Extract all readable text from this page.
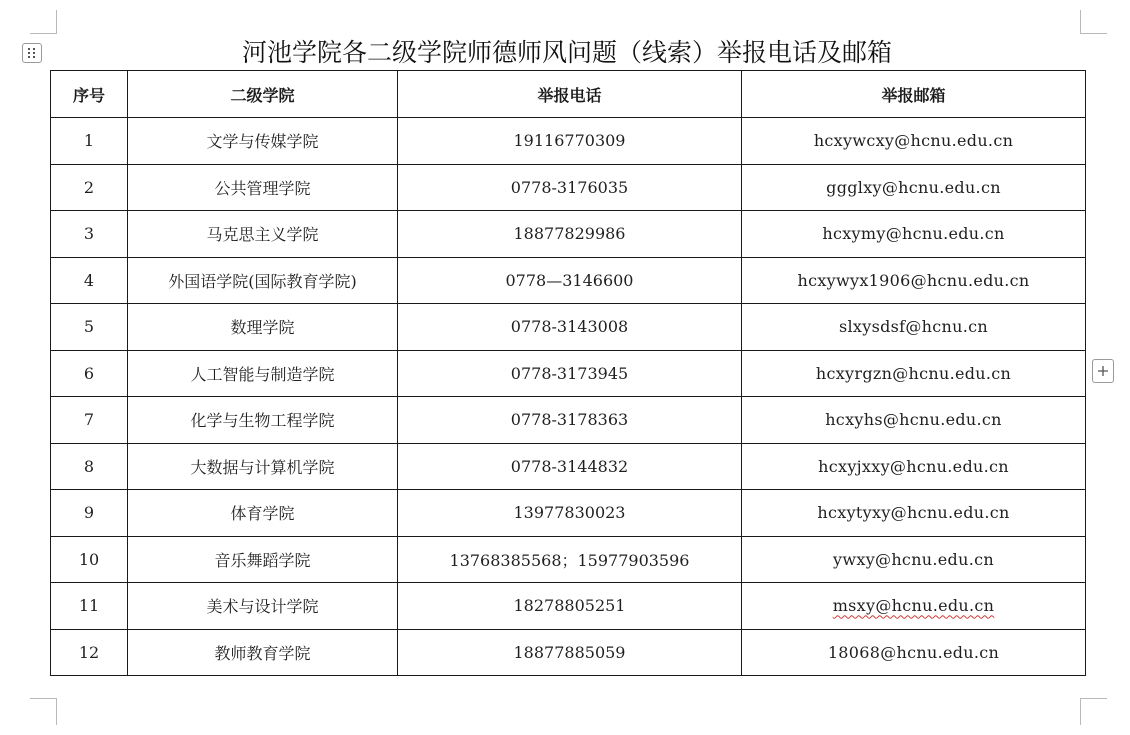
河池学院各二级学院师德师风问题（线索）举报电话及邮箱
序号	二级学院	举报电话	举报邮箱
1	文学与传媒学院	19116770309	hcxywcxy@hcnu.edu.cn
2	公共管理学院	0778-3176035	ggglxy@hcnu.edu.cn
3	马克思主义学院	18877829986	hcxymy@hcnu.edu.cn
4	外国语学院(国际教育学院)	0778—3146600	hcxywyx1906@hcnu.edu.cn
5	数理学院	0778-3143008	slxysdsf@hcnu.cn
6	人工智能与制造学院	0778-3173945	hcxyrgzn@hcnu.edu.cn
7	化学与生物工程学院	0778-3178363	hcxyhs@hcnu.edu.cn
8	大数据与计算机学院	0778-3144832	hcxyjxxy@hcnu.edu.cn
9	体育学院	13977830023	hcxytyxy@hcnu.edu.cn
10	音乐舞蹈学院	13768385568；15977903596	ywxy@hcnu.edu.cn
11	美术与设计学院	18278805251	msxy@hcnu.edu.cn
12	教师教育学院	18877885059	18068@hcnu.edu.cn
